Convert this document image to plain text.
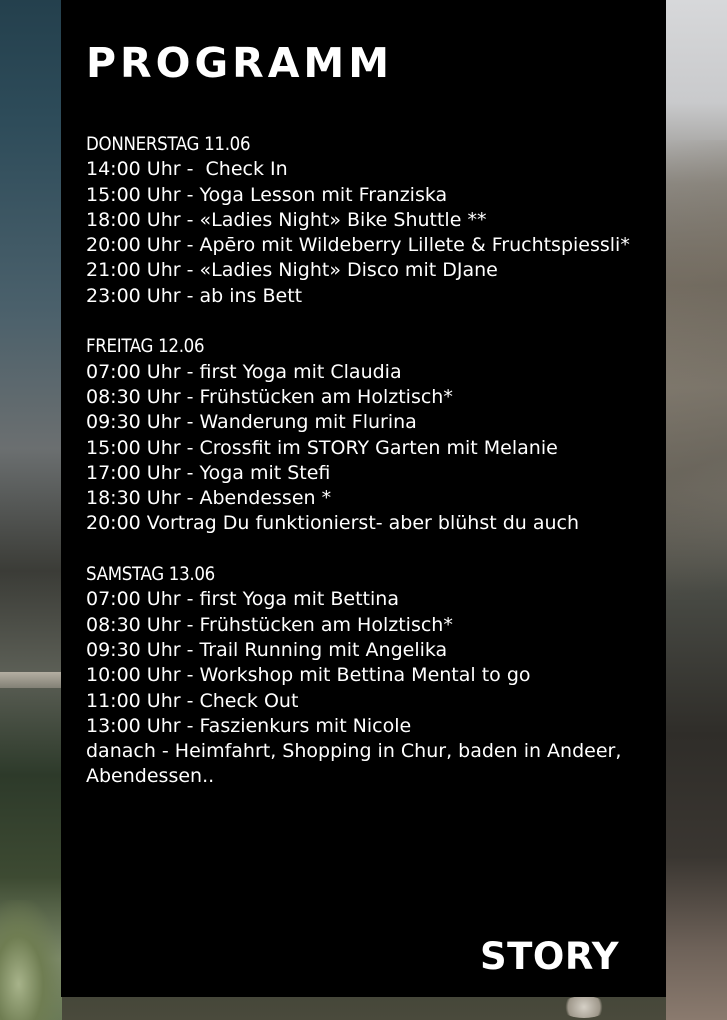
PROGRAMM
DONNERSTAG 11.06
14:00 Uhr -  Check In
15:00 Uhr - Yoga Lesson mit Franziska
18:00 Uhr - «Ladies Night» Bike Shuttle **
20:00 Uhr - Apēro mit Wildeberry Lillete & Fruchtspiessli*
21:00 Uhr - «Ladies Night» Disco mit DJane
23:00 Uhr - ab ins Bett
FREITAG 12.06
07:00 Uhr - first Yoga mit Claudia
08:30 Uhr - Frühstücken am Holztisch*
09:30 Uhr - Wanderung mit Flurina
15:00 Uhr - Crossfit im STORY Garten mit Melanie
17:00 Uhr - Yoga mit Stefi
18:30 Uhr - Abendessen *
20:00 Vortrag Du funktionierst- aber blühst du auch
SAMSTAG 13.06
07:00 Uhr - first Yoga mit Bettina
08:30 Uhr - Frühstücken am Holztisch*
09:30 Uhr - Trail Running mit Angelika
10:00 Uhr - Workshop mit Bettina Mental to go
11:00 Uhr - Check Out
13:00 Uhr - Faszienkurs mit Nicole
danach - Heimfahrt, Shopping in Chur, baden in Andeer, Abendessen..
STORY
